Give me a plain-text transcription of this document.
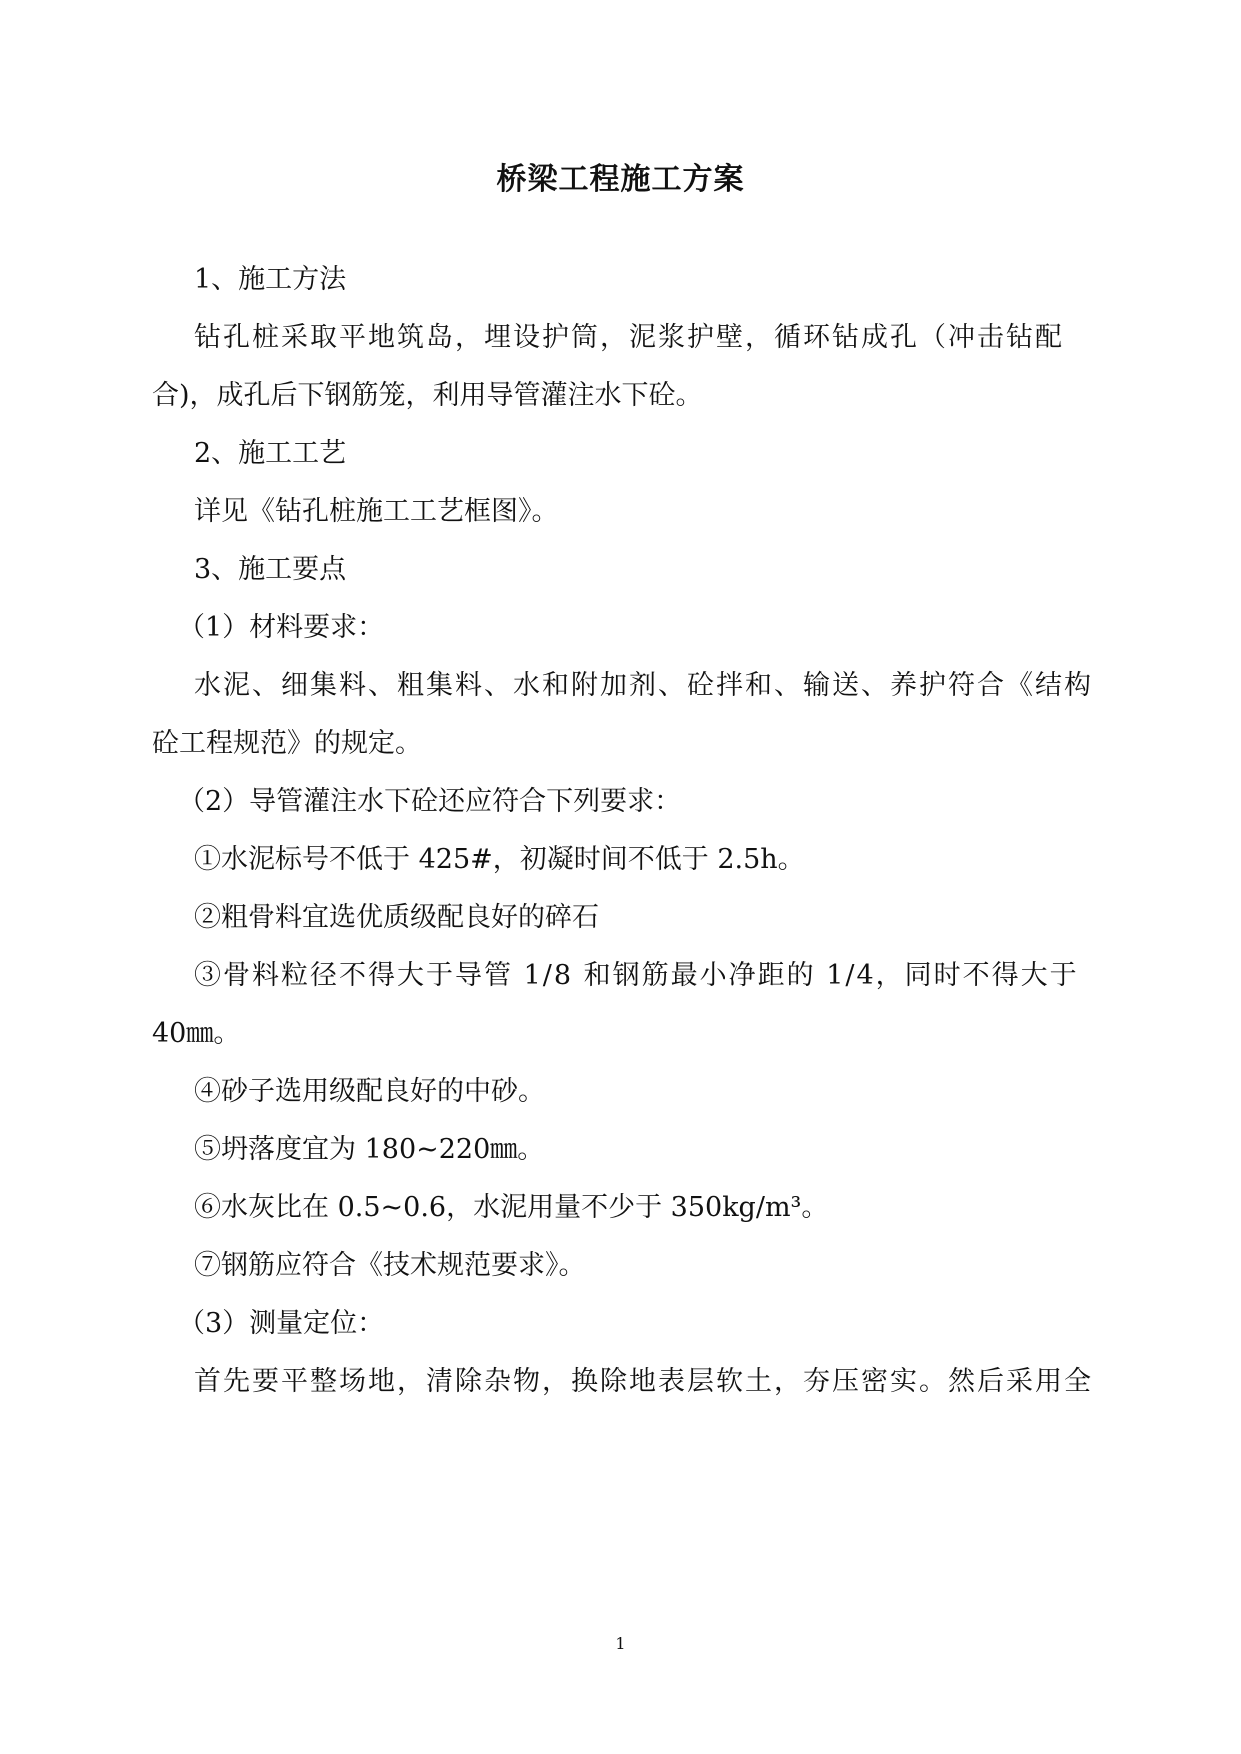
桥梁工程施工方案
1、施工方法
钻孔桩采取平地筑岛，埋设护筒，泥浆护壁，循环钻成孔（冲击钻配
合)，成孔后下钢筋笼，利用导管灌注水下砼。
2、施工工艺
详见《钻孔桩施工工艺框图》。
3、施工要点
（1）材料要求：
水泥、细集料、粗集料、水和附加剂、砼拌和、输送、养护符合《结构
砼工程规范》的规定。
（2）导管灌注水下砼还应符合下列要求：
①水泥标号不低于 425#，初凝时间不低于 2.5h。
②粗骨料宜选优质级配良好的碎石
③骨料粒径不得大于导管 1/8 和钢筋最小净距的 1/4，同时不得大于
40㎜。
④砂子选用级配良好的中砂。
⑤坍落度宜为 180~220㎜。
⑥水灰比在 0.5~0.6，水泥用量不少于 350kg/m³。
⑦钢筋应符合《技术规范要求》。
（3）测量定位：
首先要平整场地，清除杂物，换除地表层软土，夯压密实。然后采用全
1
